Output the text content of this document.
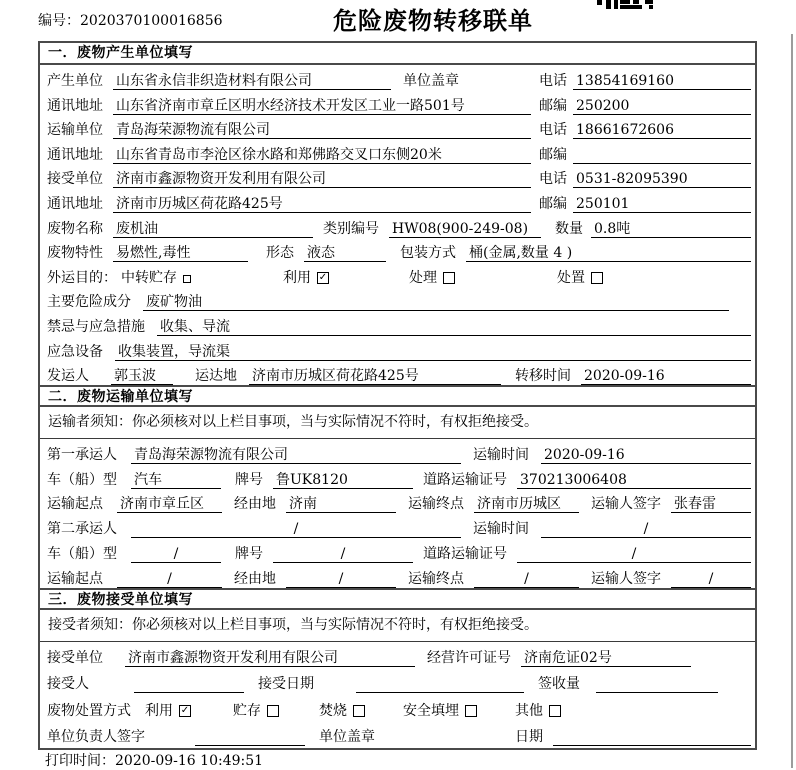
编号：2020370100016856	危险废物转移联单
一．废物产生单位填写
产生单位 山东省永信非织造材料有限公司	单位盖章	电话 13854169160
通讯地址 山东省济南市章丘区明水经济技术开发区工业一路501号	邮编 250200
运输单位 青岛海荣源物流有限公司	电话 18661672606
通讯地址 山东省青岛市李沧区徐水路和郑佛路交叉口东侧20米	邮编
接受单位 济南市鑫源物资开发利用有限公司	电话 0531-82095390
通讯地址 济南市历城区荷花路425号	邮编 250101
废物名称 废机油	类别编号 HW08(900-249-08)	数量 0.8吨
废物特性 易燃性,毒性	形态 液态	包装方式 桶(金属,数量 4 )
外运目的： 中转贮存	利用 ✓	处理	处置
主要危险成分 废矿物油
禁忌与应急措施 收集、导流
应急设备 收集装置，导流渠
发运人 郭玉波	运达地 济南市历城区荷花路425号	转移时间 2020-09-16
二．废物运输单位填写
运输者须知：你必须核对以上栏目事项，当与实际情况不符时，有权拒绝接受。
第一承运人 青岛海荣源物流有限公司	运输时间 2020-09-16
车（船）型 汽车	牌号 鲁UK8120	道路运输证号 370213006408
运输起点 济南市章丘区	经由地 济南	运输终点 济南市历城区	运输人签字 张春雷
第二承运人	/	运输时间	/
车（船）型	/	牌号	/	道路运输证号	/
运输起点	/	经由地	/	运输终点	/	运输人签字	/
三．废物接受单位填写
接受者须知：你必须核对以上栏目事项，当与实际情况不符时，有权拒绝接受。
接受单位 济南市鑫源物资开发利用有限公司	经营许可证号 济南危证02号
接受人	接受日期	签收量
废物处置方式 利用 ✓	贮存	焚烧	安全填埋	其他
单位负责人签字	单位盖章	日期
打印时间：2020-09-16 10:49:51
